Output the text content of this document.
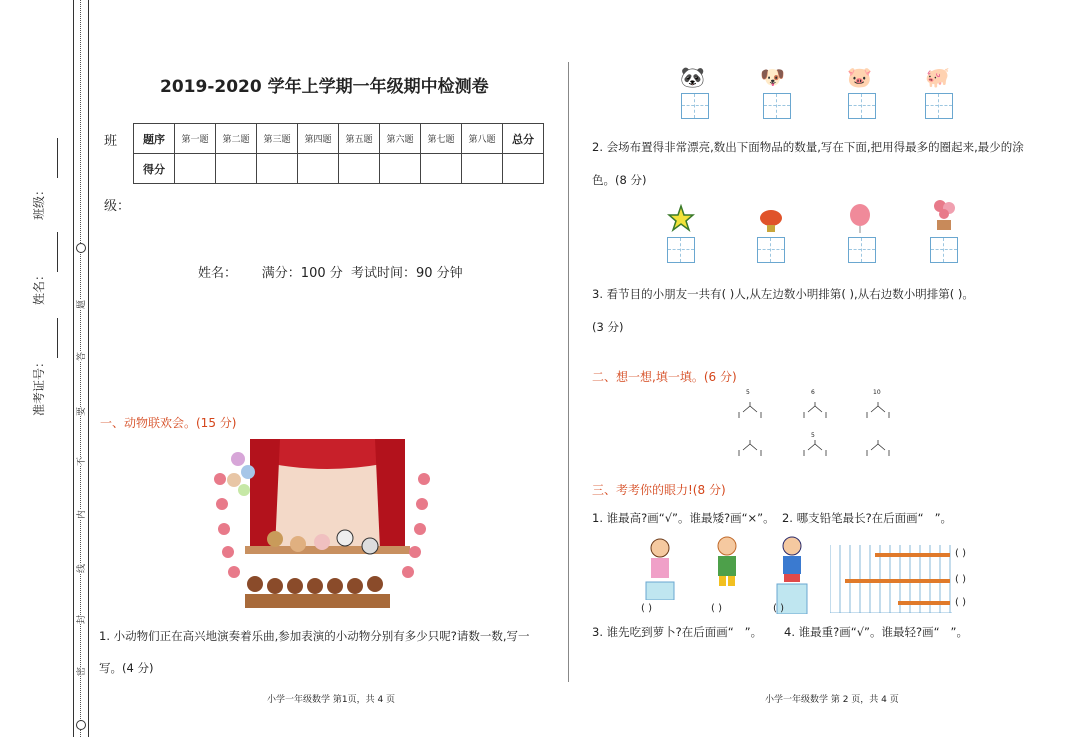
题
答
要
不
内
线
封
密
准考证号：
姓名：
班级：
2019-2020 学年上学期一年级期中检测卷
班
级：
题序	第一题	第二题	第三题	第四题	第五题	第六题	第七题	第八题	总分
得分									
姓名：      满分：100 分  考试时间：90 分钟
一、动物联欢会。(15 分)
1. 小动物们正在高兴地演奏着乐曲,参加表演的小动物分别有多少只呢?请数一数,写一
写。(4 分)
小学一年级数学 第1页，共 4 页
🐼	🐶	🐷	🐖
2. 会场布置得非常漂亮,数出下面物品的数量,写在下面,把用得最多的圈起来,最少的涂
色。(8 分)
3. 看节目的小朋友一共有( )人,从左边数小明排第( ),从右边数小明排第( )。
(3 分)
二、想一想,填一填。(6 分)
5	6	10
5
三、考考你的眼力!(8 分)
1. 谁最高?画“√”。谁最矮?画“×”。  2. 哪支铅笔最长?在后面画“   ”。
( )	( )	( )
( )
( )
( )
3. 谁先吃到萝卜?在后面画“   ”。      4. 谁最重?画“√”。谁最轻?画“   ”。
小学一年级数学 第 2 页，共 4 页
